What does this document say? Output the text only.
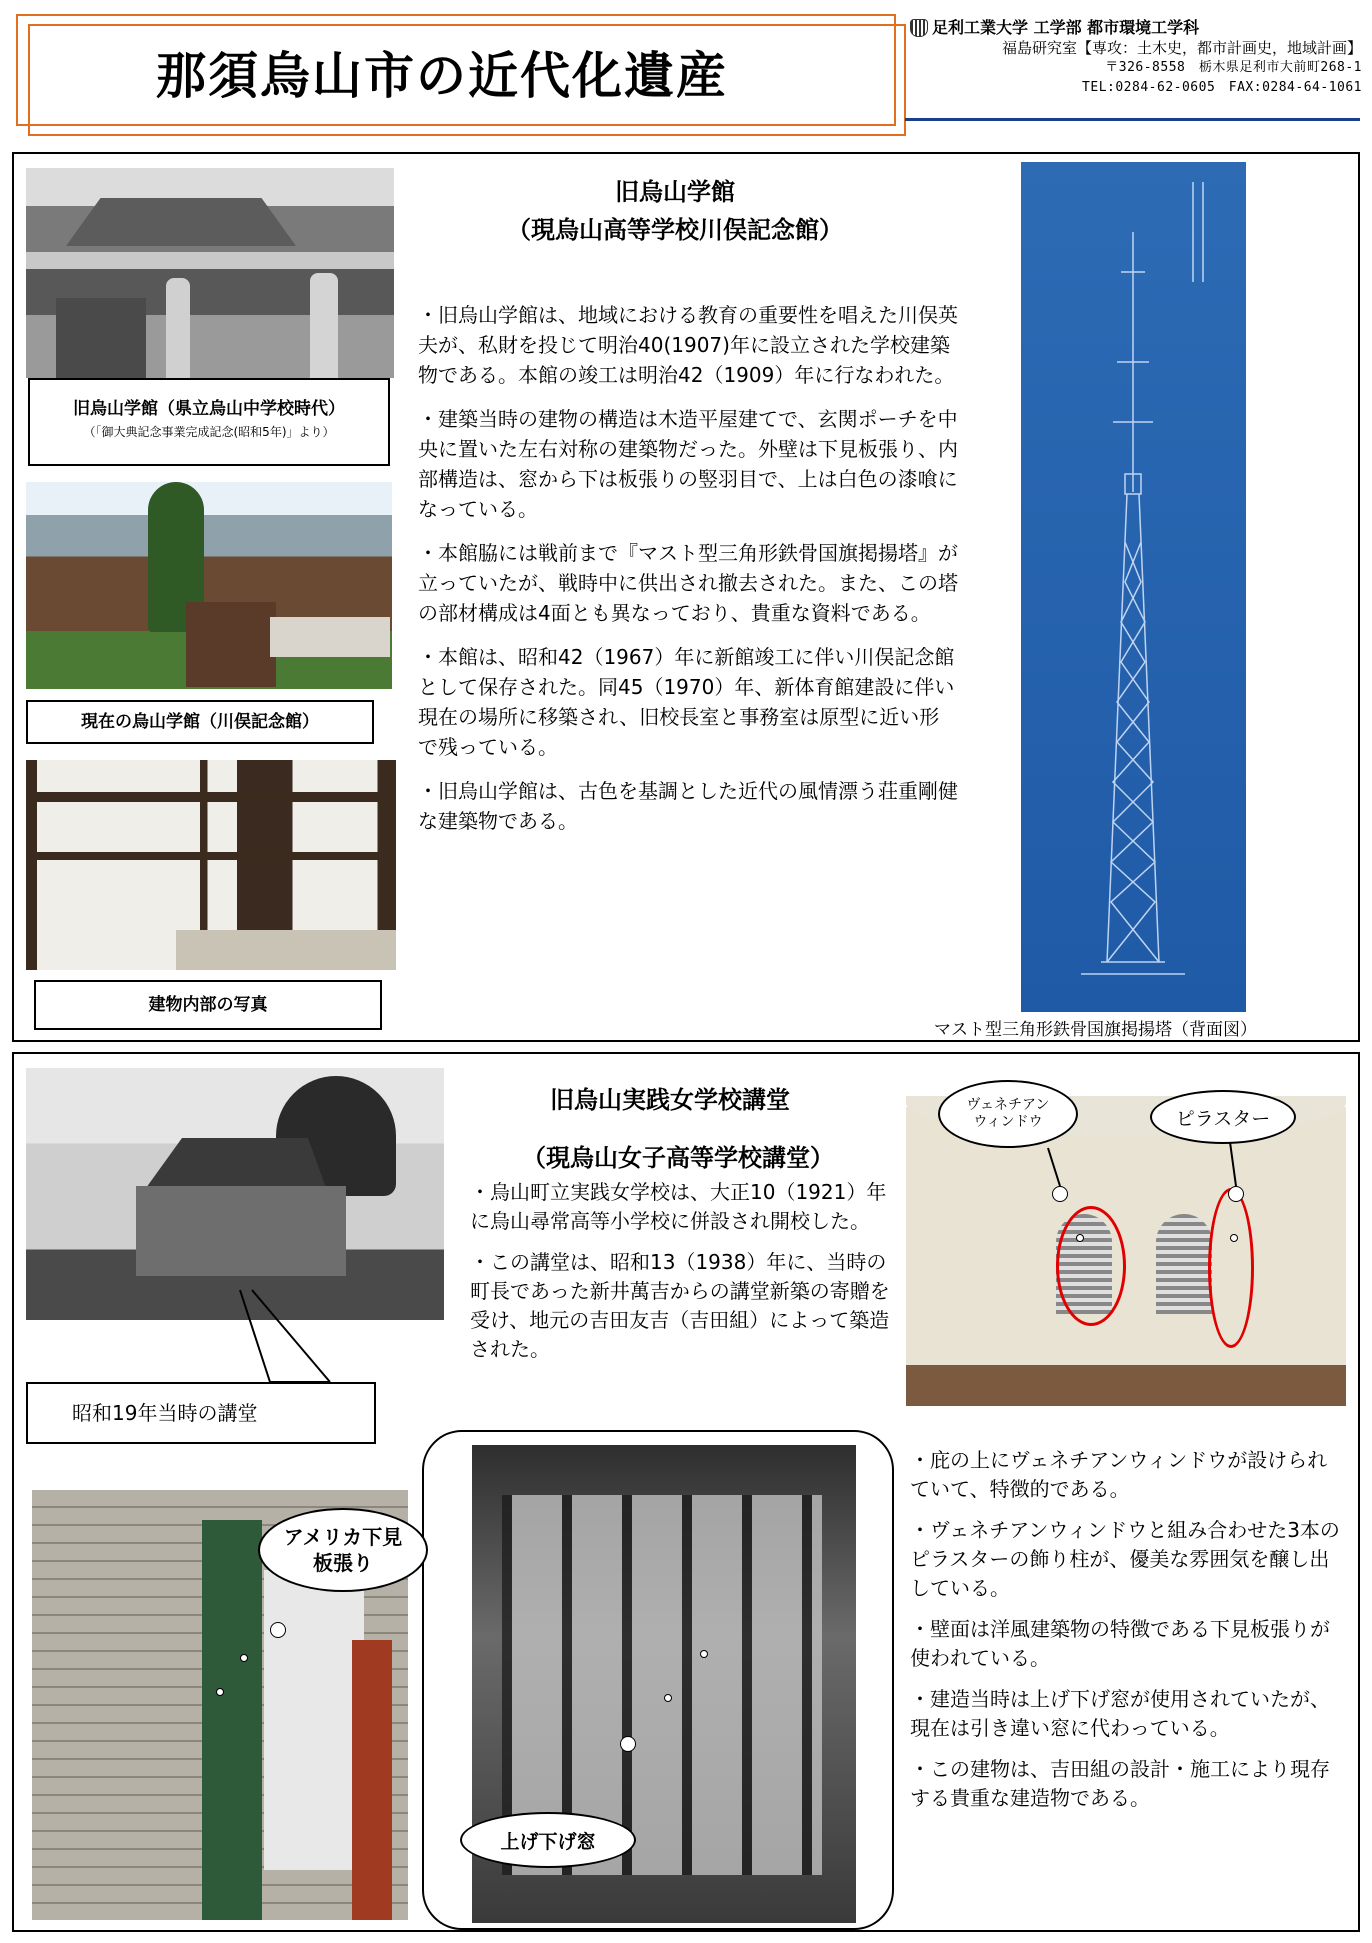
那須烏山市の近代化遺産
足利工業大学 工学部 都市環境工学科
福島研究室【専攻：土木史，都市計画史，地域計画】
〒326-8558　栃木県足利市大前町268-1
TEL:0284-62-0605　FAX:0284-64-1061
旧烏山学館（県立烏山中学校時代）
（「御大典記念事業完成記念(昭和5年)」より）
現在の烏山学館（川俣記念館）
建物内部の写真
旧烏山学館
（現烏山高等学校川俣記念館）

・旧烏山学館は、地域における教育の重要性を唱えた川俣英夫が、私財を投じて明治40(1907)年に設立された学校建築物である。本館の竣工は明治42（1909）年に行なわれた。

・建築当時の建物の構造は木造平屋建てで、玄関ポーチを中央に置いた左右対称の建築物だった。外壁は下見板張り、内部構造は、窓から下は板張りの竪羽目で、上は白色の漆喰になっている。

・本館脇には戦前まで『マスト型三角形鉄骨国旗掲揚塔』が立っていたが、戦時中に供出され撤去された。また、この塔の部材構成は4面とも異なっており、貴重な資料である。

・本館は、昭和42（1967）年に新館竣工に伴い川俣記念館として保存された。同45（1970）年、新体育館建設に伴い現在の場所に移築され、旧校長室と事務室は原型に近い形で残っている。

・旧烏山学館は、古色を基調とした近代の風情漂う荘重剛健な建築物である。

マスト型三角形鉄骨国旗掲揚塔（背面図）
昭和19年当時の講堂
旧烏山実践女学校講堂
（現烏山女子高等学校講堂）

・烏山町立実践女学校は、大正10（1921）年に烏山尋常高等小学校に併設され開校した。

・この講堂は、昭和13（1938）年に、当時の町長であった新井萬吉からの講堂新築の寄贈を受け、地元の吉田友吉（吉田組）によって築造された。

ヴェネチアン
ウィンドウ	ピラスター
アメリカ下見
板張り
上げ下げ窓

・庇の上にヴェネチアンウィンドウが設けられていて、特徴的である。

・ヴェネチアンウィンドウと組み合わせた3本のピラスターの飾り柱が、優美な雰囲気を醸し出している。

・壁面は洋風建築物の特徴である下見板張りが使われている。

・建造当時は上げ下げ窓が使用されていたが、現在は引き違い窓に代わっている。

・この建物は、吉田組の設計・施工により現存する貴重な建造物である。
